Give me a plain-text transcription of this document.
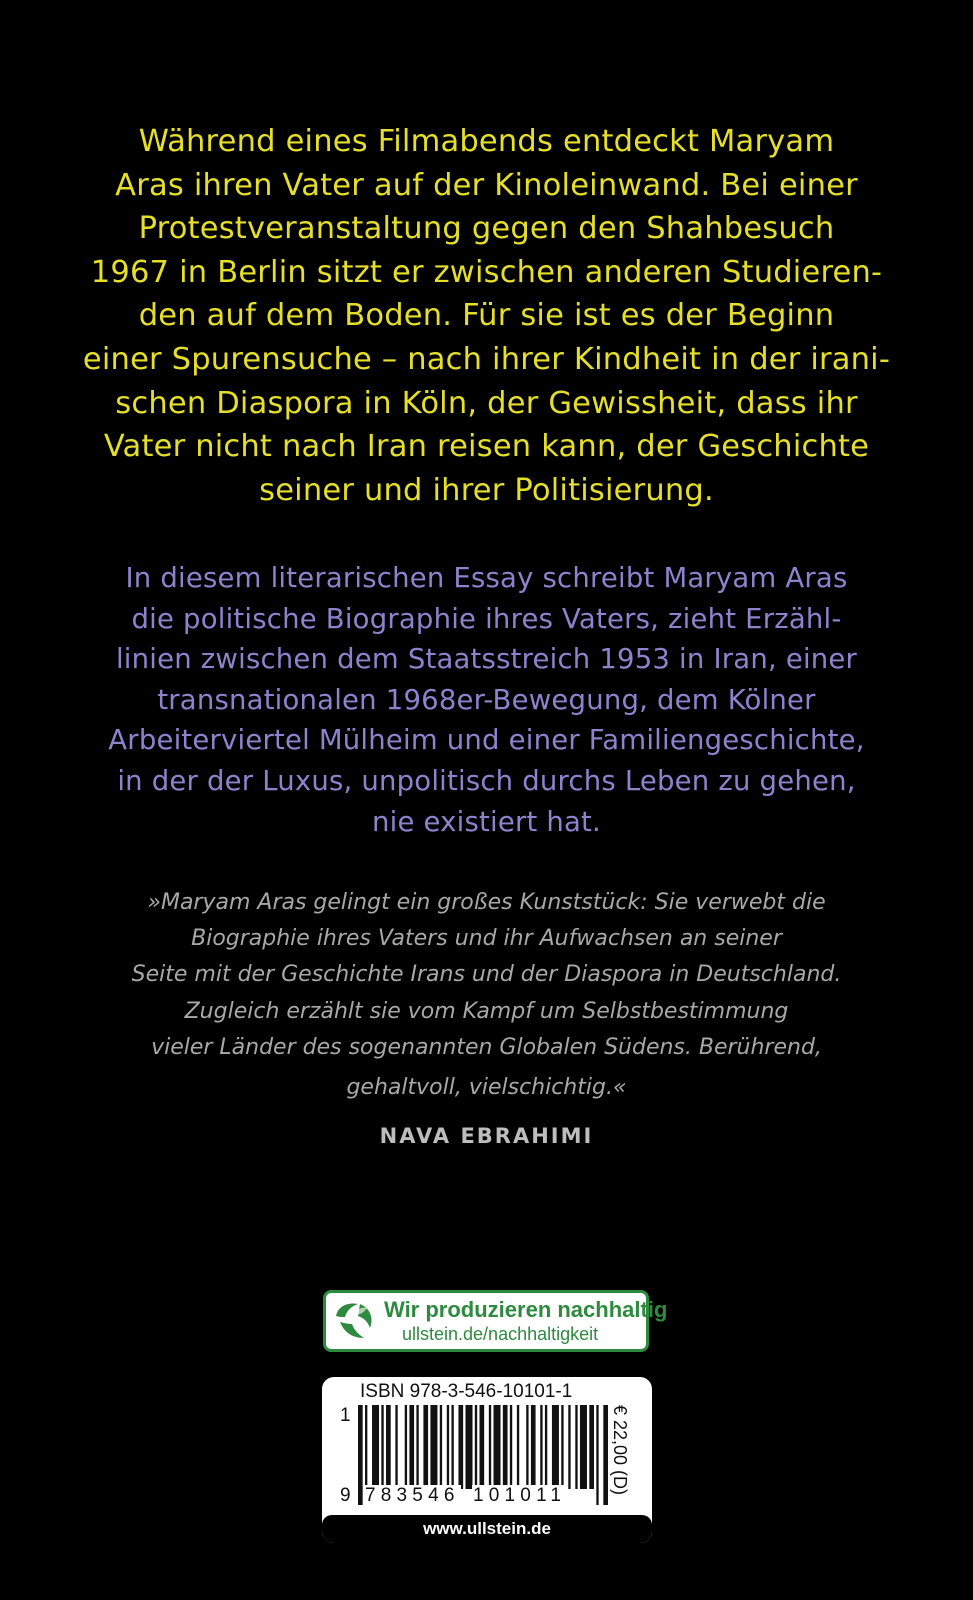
Während eines Filmabends entdeckt Maryam
Aras ihren Vater auf der Kinoleinwand. Bei einer
Protestveranstaltung gegen den Shahbesuch
1967 in Berlin sitzt er zwischen anderen Studieren-
den auf dem Boden. Für sie ist es der Beginn
einer Spurensuche – nach ihrer Kindheit in der irani-
schen Diaspora in Köln, der Gewissheit, dass ihr
Vater nicht nach Iran reisen kann, der Geschichte
seiner und ihrer Politisierung.
In diesem literarischen Essay schreibt Maryam Aras
die politische Biographie ihres Vaters, zieht Erzähl-
linien zwischen dem Staatsstreich 1953 in Iran, einer
transnationalen 1968er-Bewegung, dem Kölner
Arbeiterviertel Mülheim und einer Familiengeschichte,
in der der Luxus, unpolitisch durchs Leben zu gehen,
nie existiert hat.
»Maryam Aras gelingt ein großes Kunststück: Sie verwebt die
Biographie ihres Vaters und ihr Aufwachsen an seiner
Seite mit der Geschichte Irans und der Diaspora in Deutschland.
Zugleich erzählt sie vom Kampf um Selbstbestimmung
vieler Länder des sogenannten Globalen Südens. Berührend,
gehaltvoll, vielschichtig.«

NAVA EBRAHIMI

Wir produzieren nachhaltig
ullstein.de/nachhaltigkeit
ISBN 978-3-546-10101-1
1
9 783546 101011
€ 22,00 (D)
www.ullstein.de
